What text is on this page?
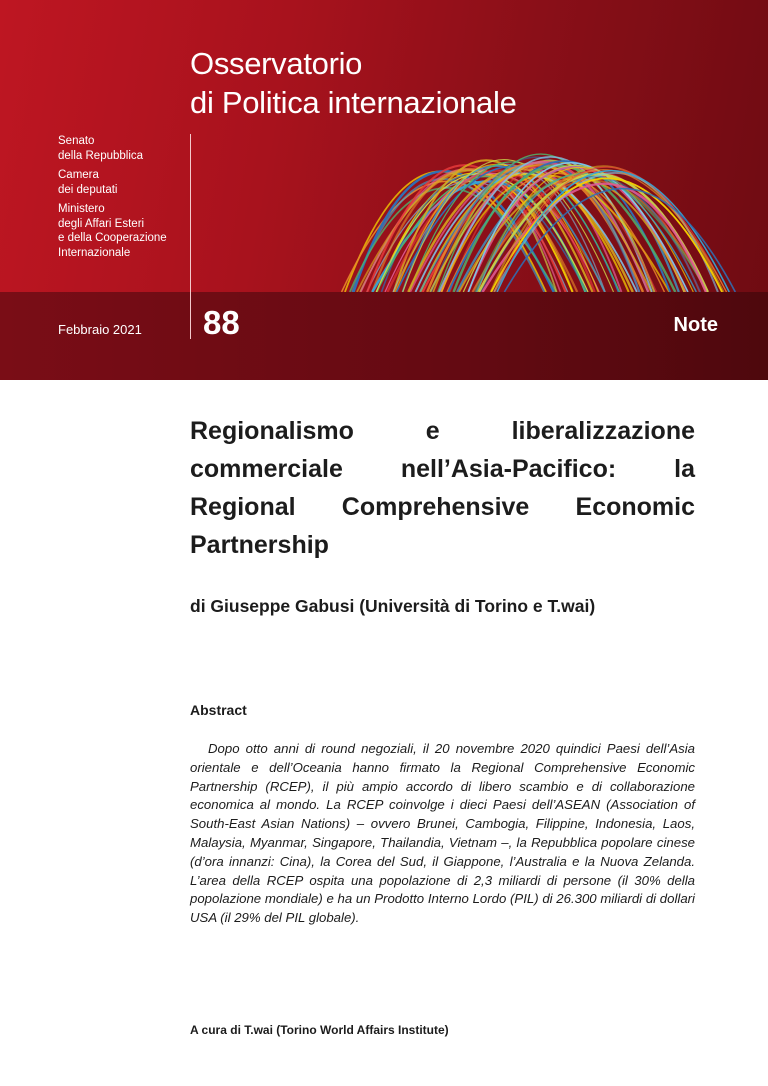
Osservatorio
di Politica internazionale
Senato
della Repubblica
Camera
dei deputati
Ministero
degli Affari Esteri
e della Cooperazione
Internazionale
Febbraio 2021 88	Note
Regionalismo e liberalizzazione commerciale nell’Asia-Pacifico: la Regional Comprehensive Economic Partnership
di Giuseppe Gabusi (Università di Torino e T.wai)
Abstract

Dopo otto anni di round negoziali, il 20 novembre 2020 quindici Paesi dell’Asia orientale e dell’Oceania hanno firmato la Regional Comprehensive Economic Partnership (RCEP), il più ampio accordo di libero scambio e di collaborazione economica al mondo. La RCEP coinvolge i dieci Paesi dell’ASEAN (Association of South-East Asian Nations) – ovvero Brunei, Cambogia, Filippine, Indonesia, Laos, Malaysia, Myanmar, Singapore, Thailandia, Vietnam –, la Repubblica popolare cinese (d’ora innanzi: Cina), la Corea del Sud, il Giappone, l’Australia e la Nuova Zelanda. L’area della RCEP ospita una popolazione di 2,3 miliardi di persone (il 30% della popolazione mondiale) e ha un Prodotto Interno Lordo (PIL) di 26.300 miliardi di dollari USA (il 29% del PIL globale).

A cura di T.wai (Torino World Affairs Institute)
